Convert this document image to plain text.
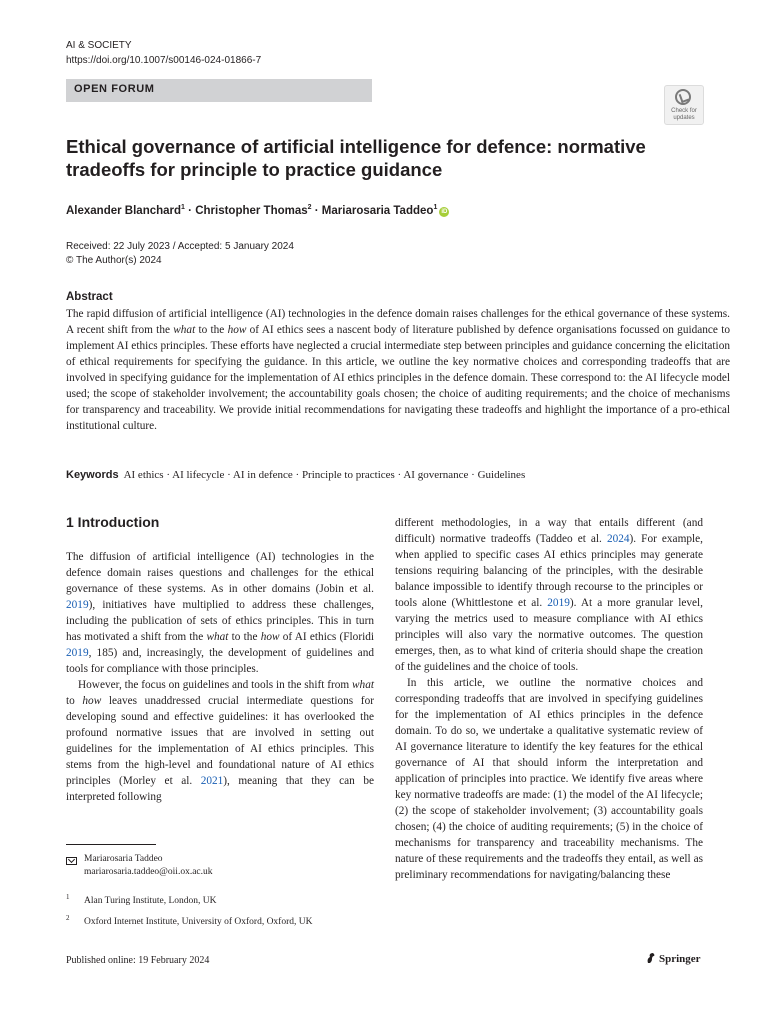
AI & SOCIETY
https://doi.org/10.1007/s00146-024-01866-7
OPEN FORUM
Check for
updates
Ethical governance of artificial intelligence for defence: normative tradeoffs for principle to practice guidance
Alexander Blanchard$^1$ · Christopher Thomas$^2$ · Mariarosaria Taddeo$^1$iD
Received: 22 July 2023 / Accepted: 5 January 2024
© The Author(s) 2024
Abstract
The rapid diffusion of artificial intelligence (AI) technologies in the defence domain raises challenges for the ethical governance of these systems. A recent shift from the what to the how of AI ethics sees a nascent body of literature published by defence organisations focussed on guidance to implement AI ethics principles. These efforts have neglected a crucial intermediate step between principles and guidance concerning the elicitation of ethical requirements for specifying the guidance. In this article, we outline the key normative choices and corresponding tradeoffs that are involved in specifying guidance for the implementation of AI ethics principles in the defence domain. These correspond to: the AI lifecycle model used; the scope of stakeholder involvement; the accountability goals chosen; the choice of auditing requirements; and the choice of mechanisms for transparency and traceability. We provide initial recommendations for navigating these tradeoffs and highlight the importance of a pro-ethical institutional culture.
Keywords AI ethics · AI lifecycle · AI in defence · Principle to practices · AI governance · Guidelines
1 Introduction

The diffusion of artificial intelligence (AI) technologies in the defence domain raises questions and challenges for the ethical governance of these systems. As in other domains (Jobin et al. 2019), initiatives have multiplied to address these challenges, including the publication of sets of ethics principles. This in turn has motivated a shift from the what to the how of AI ethics (Floridi 2019, 185) and, increasingly, the development of guidelines and tools for compliance with those principles.

However, the focus on guidelines and tools in the shift from what to how leaves unaddressed crucial intermediate questions for developing sound and effective guidelines: it has overlooked the profound normative issues that are involved in setting out guidelines for the implementation of AI ethics principles. This stems from the high-level and foundational nature of AI ethics principles (Morley et al. 2021), meaning that they can be interpreted following

different methodologies, in a way that entails different (and difficult) normative tradeoffs (Taddeo et al. 2024). For example, when applied to specific cases AI ethics principles may generate tensions requiring balancing of the principles, with the desirable balance impossible to identify through recourse to the principles or tools alone (Whittlestone et al. 2019). At a more granular level, varying the metrics used to measure compliance with AI ethics principles will also vary the normative outcomes. The question emerges, then, as to what kind of criteria should shape the creation of the guidelines and the choice of tools.

In this article, we outline the normative choices and corresponding tradeoffs that are involved in specifying guidelines for the implementation of AI ethics principles in the defence domain. To do so, we undertake a qualitative systematic review of AI governance literature to identify the key features for the ethical governance of AI that should inform the interpretation and application of principles into practice. We identify five areas where key normative tradeoffs are made: (1) the model of the AI lifecycle; (2) the scope of stakeholder involvement; (3) accountability goals chosen; (4) the choice of auditing requirements; (5) in the choice of mechanisms for transparency and traceability mechanisms. The nature of these requirements and the tradeoffs they entail, as well as preliminary recommendations for navigating/balancing these

Mariarosaria Taddeo
mariarosaria.taddeo@oii.ox.ac.uk
1 Alan Turing Institute, London, UK
2 Oxford Internet Institute, University of Oxford, Oxford, UK
Published online: 19 February 2024	Springer
